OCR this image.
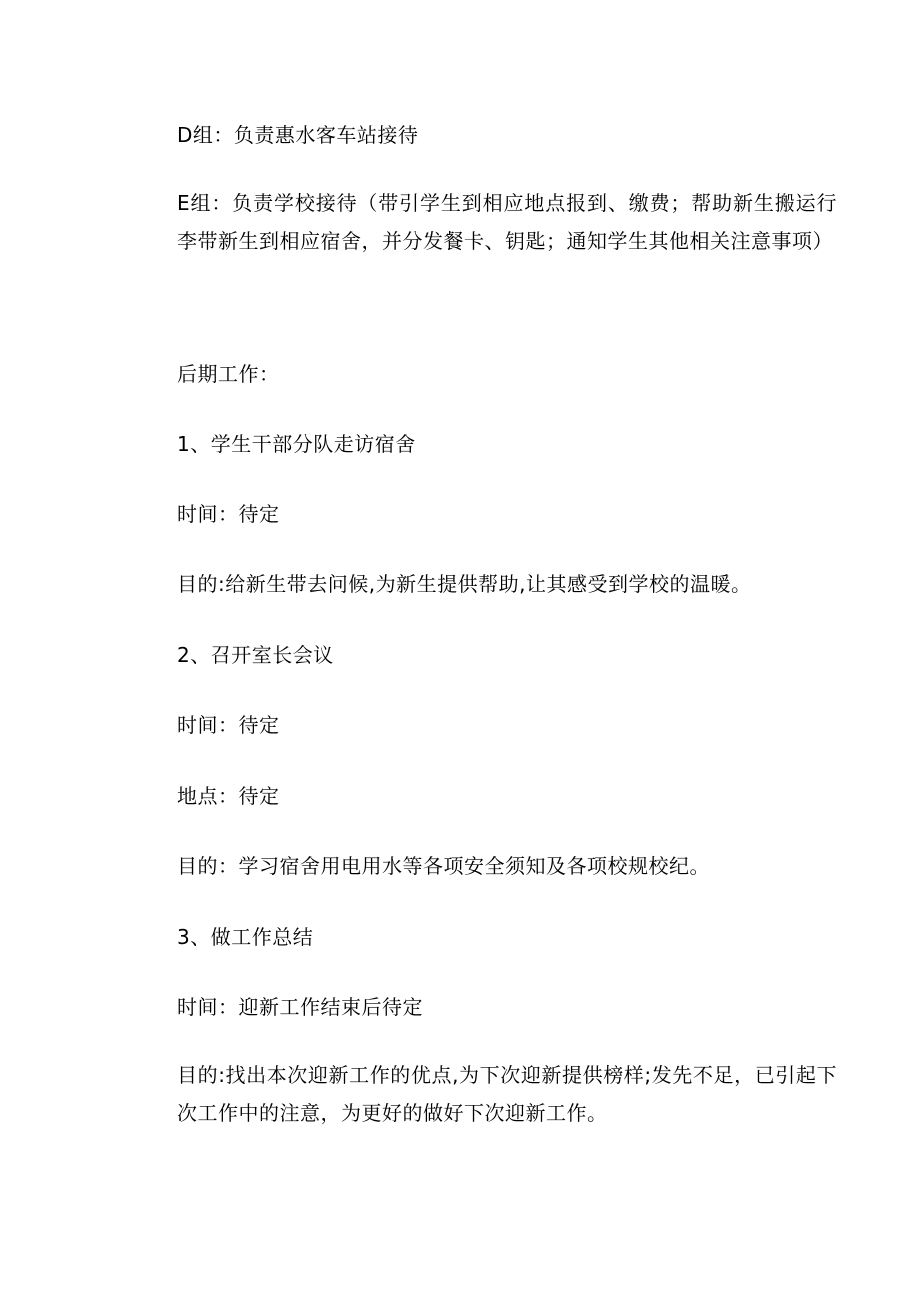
D组：负责惠水客车站接待
E组：负责学校接待（带引学生到相应地点报到、缴费；帮助新生搬运行李带新生到相应宿舍，并分发餐卡、钥匙；通知学生其他相关注意事项）
后期工作：
1、学生干部分队走访宿舍
时间：待定
目的:给新生带去问候,为新生提供帮助,让其感受到学校的温暖。
2、召开室长会议
时间：待定
地点：待定
目的：学习宿舍用电用水等各项安全须知及各项校规校纪。
3、做工作总结
时间：迎新工作结束后待定
目的:找出本次迎新工作的优点,为下次迎新提供榜样;发先不足，已引起下次工作中的注意，为更好的做好下次迎新工作。
